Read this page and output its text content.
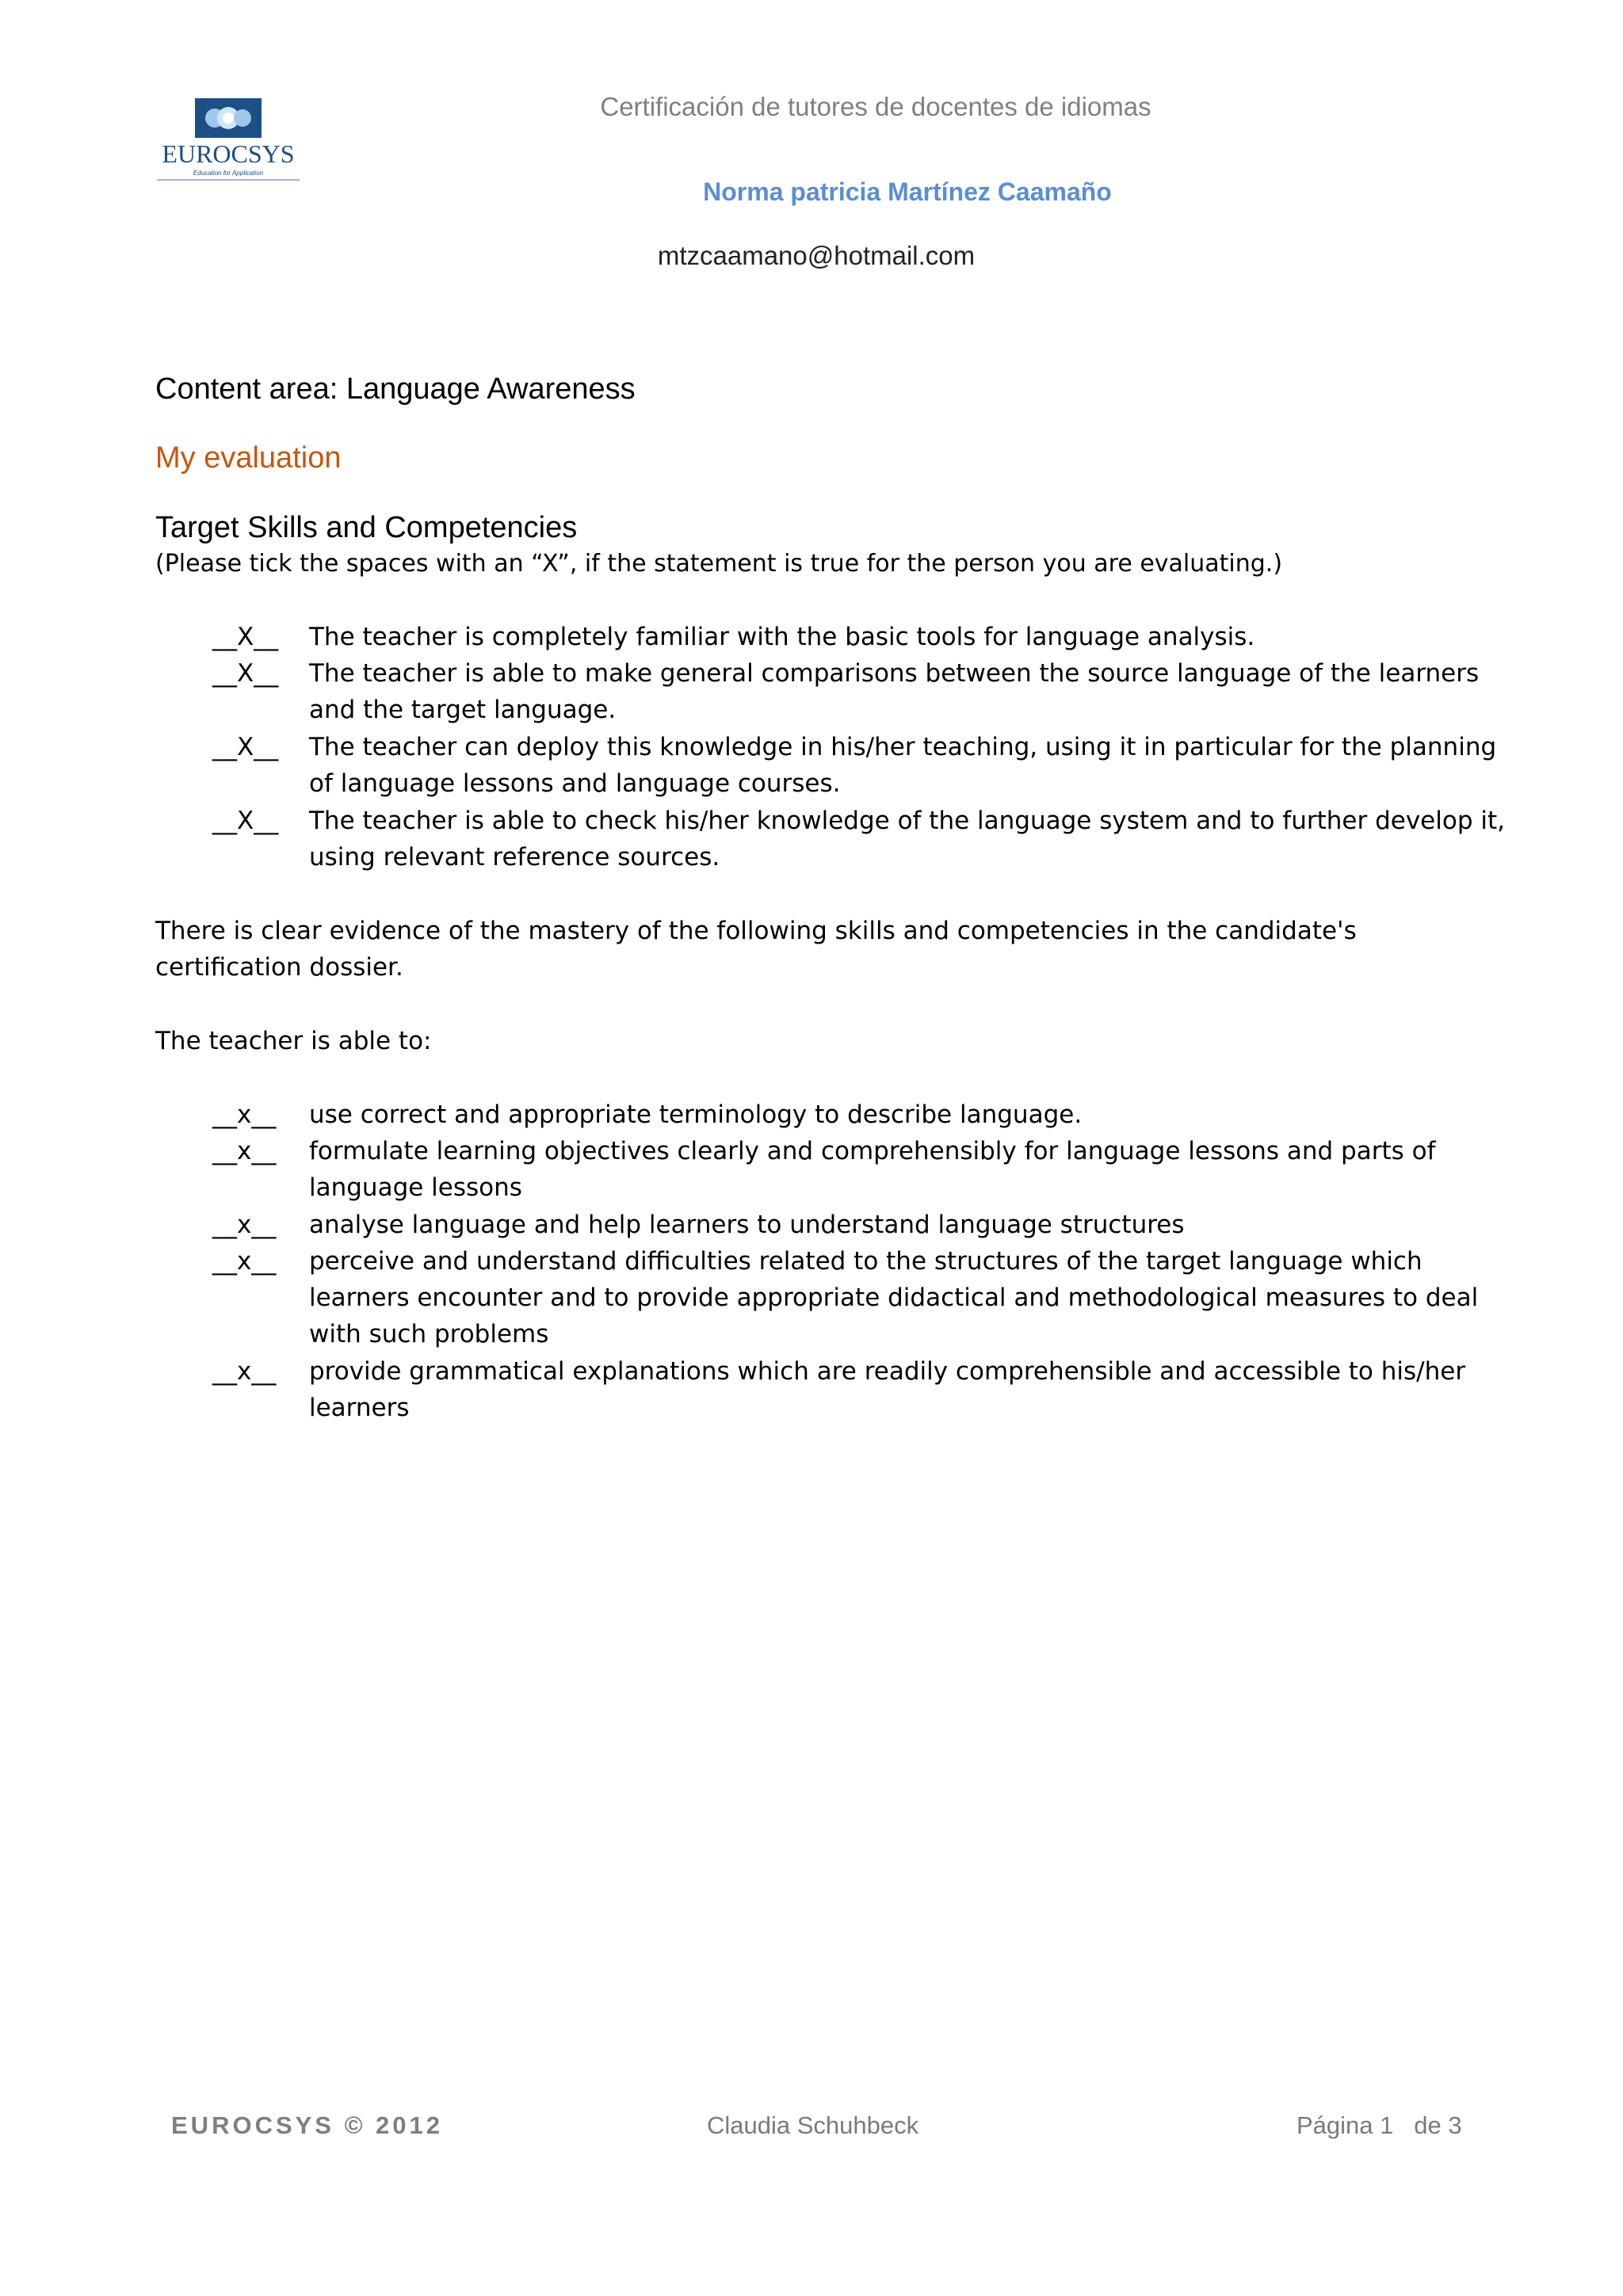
EUROCSYS
Education for Application
Certificación de tutores de docentes de idiomas
Norma patricia Martínez Caamaño
mtzcaamano@hotmail.com
Content area: Language Awareness
My evaluation
Target Skills and Competencies
(Please tick the spaces with an “X”, if the statement is true for the person you are evaluating.)
__X__	The teacher is completely familiar with the basic tools for language analysis.
__X__	The teacher is able to make general comparisons between the source language of the learners and the target language.
__X__	The teacher can deploy this knowledge in his/her teaching, using it in particular for the planning of language lessons and language courses.
__X__	The teacher is able to check his/her knowledge of the language system and to further develop it, using relevant reference sources.
There is clear evidence of the mastery of the following skills and competencies in the candidate's certification dossier.
The teacher is able to:
__x__	use correct and appropriate terminology to describe language.
__x__	formulate learning objectives clearly and comprehensibly for language lessons and parts of language lessons
__x__	analyse language and help learners to understand language structures
__x__	perceive and understand difficulties related to the structures of the target language which learners encounter and to provide appropriate didactical and methodological measures to deal with such problems
__x__	provide grammatical explanations which are readily comprehensible and accessible to his/her learners
EUROCSYS © 2012	Claudia Schuhbeck	Página 1   de 3
